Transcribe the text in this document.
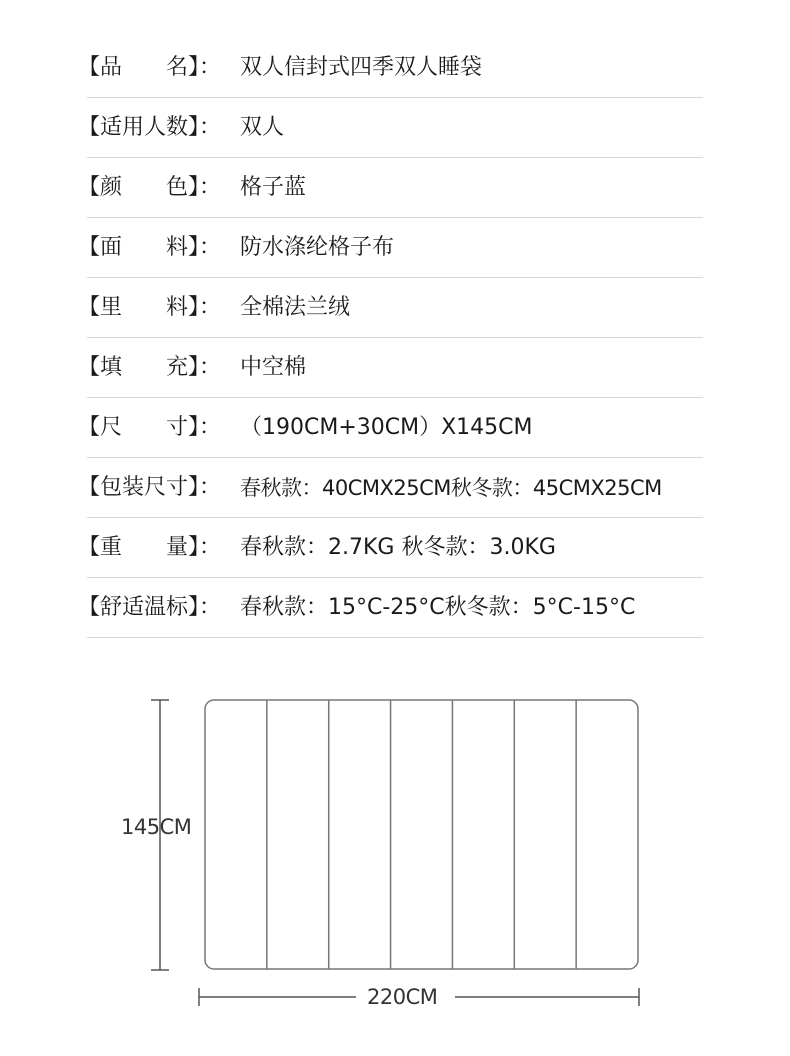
【品　　名】： 双人信封式四季双人睡袋
【适用人数】： 双人
【颜　　色】： 格子蓝
【面　　料】： 防水涤纶格子布
【里　　料】： 全棉法兰绒
【填　　充】： 中空棉
【尺　　寸】： （190CM+30CM）X145CM
【包装尺寸】： 春秋款：40CMX25CM秋冬款：45CMX25CM
【重　　量】： 春秋款：2.7KG 秋冬款：3.0KG
【舒适温标】： 春秋款：15°C-25°C秋冬款：5°C-15°C
145CM
220CM
